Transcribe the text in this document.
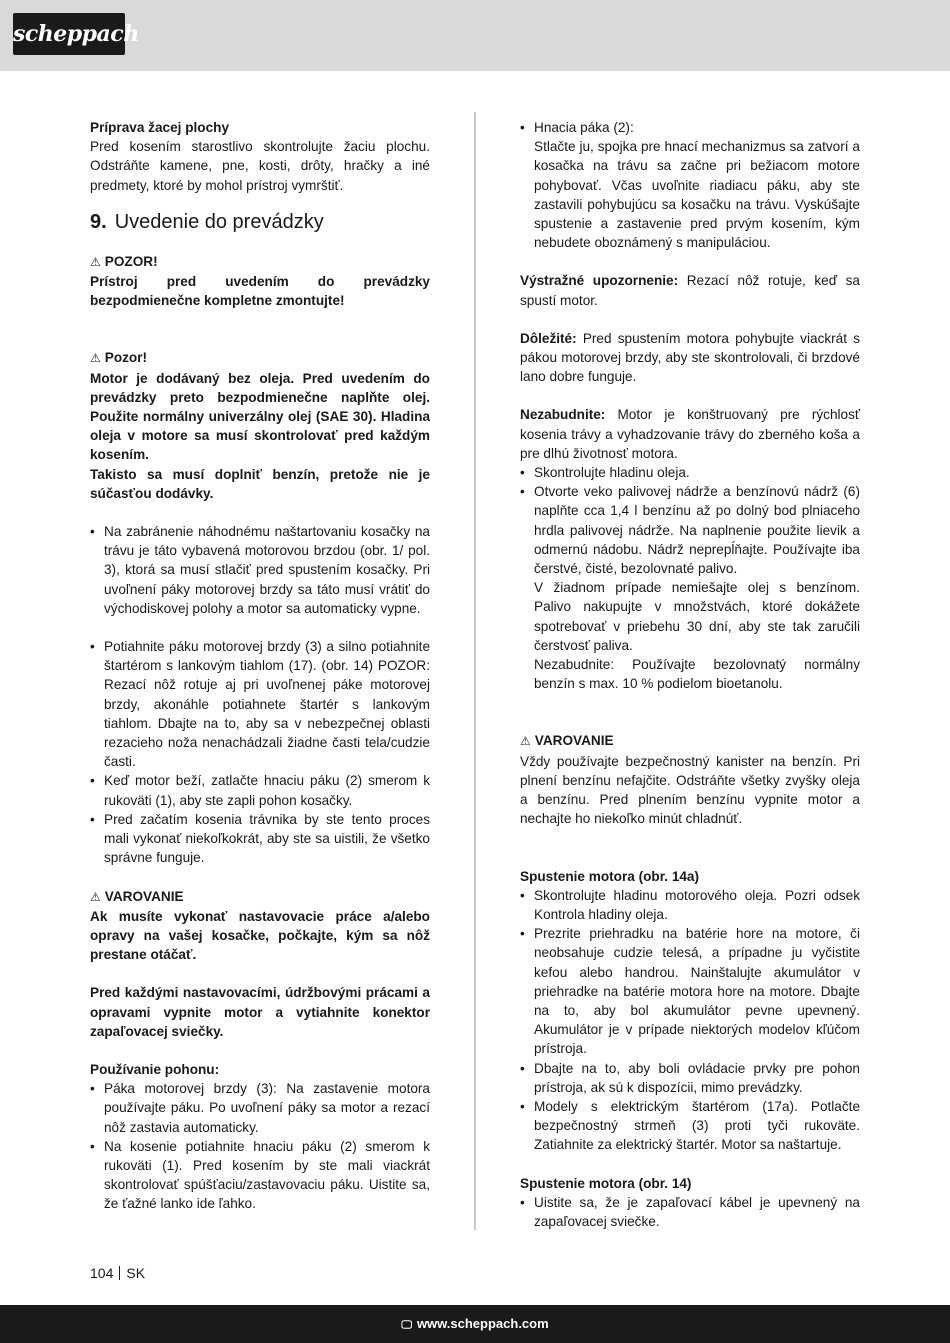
scheppach

Príprava žacej plochy

Pred kosením starostlivo skontrolujte žaciu plochu. Odstráňte kamene, pne, kosti, drôty, hračky a iné predmety, ktoré by mohol prístroj vymrštiť.

9. Uvedenie do prevádzky

⚠ POZOR!

Prístroj pred uvedením do prevádzky bezpodmienečne kompletne zmontujte!

⚠ Pozor!

Motor je dodávaný bez oleja. Pred uvedením do prevádzky preto bezpodmienečne naplňte olej. Použite normálny univerzálny olej (SAE 30). Hladina oleja v motore sa musí skontrolovať pred každým kosením.

Takisto sa musí doplniť benzín, pretože nie je súčasťou dodávky.

• Na zabránenie náhodnému naštartovaniu kosačky na trávu je táto vybavená motorovou brzdou (obr. 1/ pol. 3), ktorá sa musí stlačiť pred spustením kosačky. Pri uvoľnení páky motorovej brzdy sa táto musí vrátiť do východiskovej polohy a motor sa automaticky vypne.
• Potiahnite páku motorovej brzdy (3) a silno potiahnite štartérom s lankovým tiahlom (17). (obr. 14) POZOR: Rezací nôž rotuje aj pri uvoľnenej páke motorovej brzdy, akonáhle potiahnete štartér s lankovým tiahlom. Dbajte na to, aby sa v nebezpečnej oblasti rezacieho noža nenachádzali žiadne časti tela/cudzie časti.
• Keď motor beží, zatlačte hnaciu páku (2) smerom k rukoväti (1), aby ste zapli pohon kosačky.
• Pred začatím kosenia trávnika by ste tento proces mali vykonať niekoľkokrát, aby ste sa uistili, že všetko správne funguje.

⚠ VAROVANIE

Ak musíte vykonať nastavovacie práce a/alebo opravy na vašej kosačke, počkajte, kým sa nôž prestane otáčať.

Pred každými nastavovacími, údržbovými prácami a opravami vypnite motor a vytiahnite konektor zapaľovacej sviečky.

Používanie pohonu:

• Páka motorovej brzdy (3): Na zastavenie motora používajte páku. Po uvoľnení páky sa motor a rezací nôž zastavia automaticky.
• Na kosenie potiahnite hnaciu páku (2) smerom k rukoväti (1). Pred kosením by ste mali viackrát skontrolovať spúšťaciu/zastavovaciu páku. Uistite sa, že ťažné lanko ide ľahko.
• Hnacia páka (2):
Stlačte ju, spojka pre hnací mechanizmus sa zatvorí a kosačka na trávu sa začne pri bežiacom motore pohybovať. Včas uvoľnite riadiacu páku, aby ste zastavili pohybujúcu sa kosačku na trávu. Vyskúšajte spustenie a zastavenie pred prvým kosením, kým nebudete oboznámený s manipuláciou.

Výstražné upozornenie: Rezací nôž rotuje, keď sa spustí motor.

Dôležité: Pred spustením motora pohybujte viackrát s pákou motorovej brzdy, aby ste skontrolovali, či brzdové lano dobre funguje.

Nezabudnite: Motor je konštruovaný pre rýchlosť kosenia trávy a vyhadzovanie trávy do zberného koša a pre dlhú životnosť motora.

• Skontrolujte hladinu oleja.

• Otvorte veko palivovej nádrže a benzínovú nádrž (6) naplňte cca 1,4 l benzínu až po dolný bod plniaceho hrdla palivovej nádrže. Na naplnenie použite lievik a odmernú nádobu. Nádrž neprepĺňajte. Používajte iba čerstvé, čisté, bezolovnaté palivo.

V žiadnom prípade nemiešajte olej s benzínom. Palivo nakupujte v množstvách, ktoré dokážete spotrebovať v priebehu 30 dní, aby ste tak zaručili čerstvosť paliva.

Nezabudnite: Používajte bezolovnatý normálny benzín s max. 10 % podielom bioetanolu.

⚠ VAROVANIE

Vždy používajte bezpečnostný kanister na benzín. Pri plnení benzínu nefajčite. Odstráňte všetky zvyšky oleja a benzínu. Pred plnením benzínu vypnite motor a nechajte ho niekoľko minút chladnúť.

Spustenie motora (obr. 14a)

• Skontrolujte hladinu motorového oleja. Pozri odsek Kontrola hladiny oleja.
• Prezrite priehradku na batérie hore na motore, či neobsahuje cudzie telesá, a prípadne ju vyčistite kefou alebo handrou. Nainštalujte akumulátor v priehradke na batérie motora hore na motore. Dbajte na to, aby bol akumulátor pevne upevnený. Akumulátor je v prípade niektorých modelov kľúčom prístroja.
• Dbajte na to, aby boli ovládacie prvky pre pohon prístroja, ak sú k dispozícii, mimo prevádzky.
• Modely s elektrickým štartérom (17a). Potlačte bezpečnostný strmeň (3) proti tyči rukoväte. Zatiahnite za elektrický štartér. Motor sa naštartuje.

Spustenie motora (obr. 14)

• Uistite sa, že je zapaľovací kábel je upevnený na zapaľovacej sviečke.
104 SK
🖵 www.scheppach.com
